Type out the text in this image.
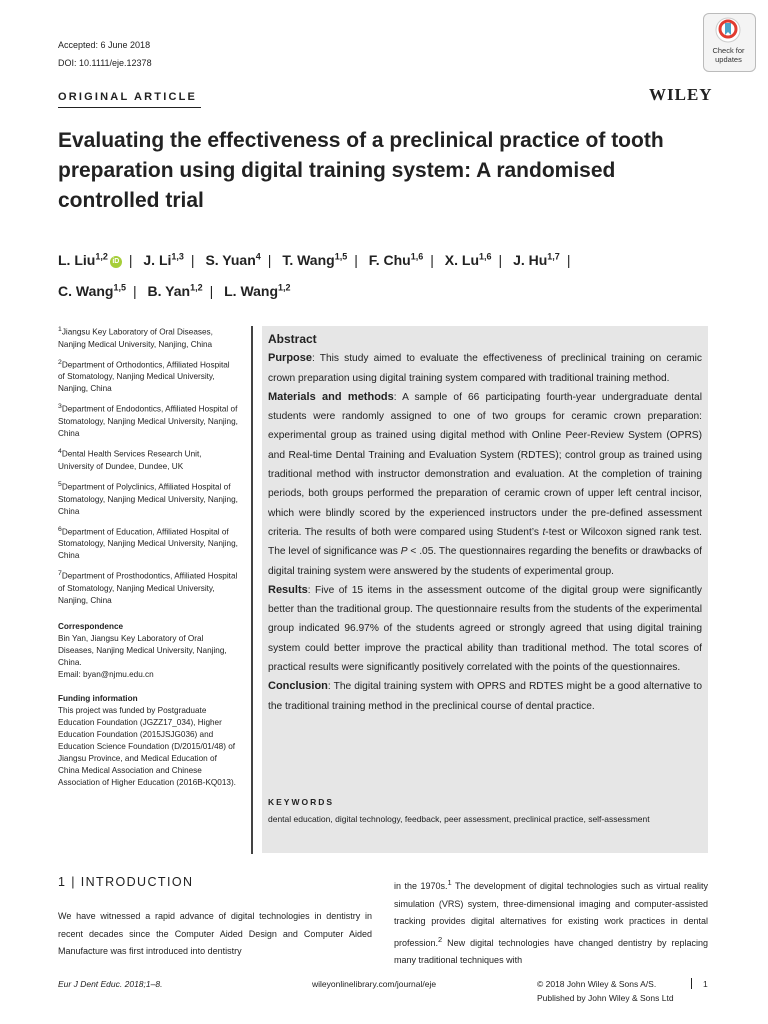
Accepted: 6 June 2018
DOI: 10.1111/eje.12378
ORIGINAL ARTICLE	WILEY
Check for updates
Evaluating the effectiveness of a preclinical practice of tooth preparation using digital training system: A randomised controlled trial
L. Liu$^{1,2}$iD | J. Li$^{1,3}$ | S. Yuan$^4$ | T. Wang$^{1,5}$ | F. Chu$^{1,6}$ | X. Lu$^{1,6}$ | J. Hu$^{1,7}$ |
C. Wang$^{1,5}$ | B. Yan$^{1,2}$ | L. Wang$^{1,2}$

$^1$Jiangsu Key Laboratory of Oral Diseases, Nanjing Medical University, Nanjing, China

$^2$Department of Orthodontics, Affiliated Hospital of Stomatology, Nanjing Medical University, Nanjing, China

$^3$Department of Endodontics, Affiliated Hospital of Stomatology, Nanjing Medical University, Nanjing, China

$^4$Dental Health Services Research Unit, University of Dundee, Dundee, UK

$^5$Department of Polyclinics, Affiliated Hospital of Stomatology, Nanjing Medical University, Nanjing, China

$^6$Department of Education, Affiliated Hospital of Stomatology, Nanjing Medical University, Nanjing, China

$^7$Department of Prosthodontics, Affiliated Hospital of Stomatology, Nanjing Medical University, Nanjing, China

Correspondence

Bin Yan, Jiangsu Key Laboratory of Oral Diseases, Nanjing Medical University, Nanjing, China.

Email: byan@njmu.edu.cn

Funding information

This project was funded by Postgraduate Education Foundation (JGZZ17_034), Higher Education Foundation (2015JSJG036) and Education Science Foundation (D/2015/01/48) of Jiangsu Province, and Medical Education of China Medical Association and Chinese Association of Higher Education (2016B-KQ013).

Abstract

Purpose: This study aimed to evaluate the effectiveness of preclinical training on ceramic crown preparation using digital training system compared with traditional training method.

Materials and methods: A sample of 66 participating fourth-year undergraduate dental students were randomly assigned to one of two groups for ceramic crown preparation: experimental group as trained using digital method with Online Peer-Review System (OPRS) and Real-time Dental Training and Evaluation System (RDTES); control group as trained using traditional method with instructor demonstration and evaluation. At the completion of training periods, both groups performed the preparation of ceramic crown of upper left central incisor, which were blindly scored by the experienced instructors under the pre-defined assessment criteria. The results of both were compared using Student’s t-test or Wilcoxon signed rank test. The level of significance was P < .05. The questionnaires regarding the benefits or drawbacks of digital training system were answered by the students of experimental group.

Results: Five of 15 items in the assessment outcome of the digital group were significantly better than the traditional group. The questionnaire results from the students of the experimental group indicated 96.97% of the students agreed or strongly agreed that using digital training system could better improve the practical ability than traditional method. The total scores of practical results were significantly positively correlated with the points of the questionnaires.

Conclusion: The digital training system with OPRS and RDTES might be a good alternative to the traditional training method in the preclinical course of dental practice.

KEYWORDS
dental education, digital technology, feedback, peer assessment, preclinical practice, self-assessment
1 | INTRODUCTION
We have witnessed a rapid advance of digital technologies in dentistry in recent decades since the Computer Aided Design and Computer Aided Manufacture was first introduced into dentistry
in the 1970s.$^1$ The development of digital technologies such as virtual reality simulation (VRS) system, three-dimensional imaging and computer-assisted tracking provides digital alternatives for existing work practices in dental profession.$^2$ New digital technologies have changed dentistry by replacing many traditional techniques with
Eur J Dent Educ. 2018;1–8.	wileyonlinelibrary.com/journal/eje	© 2018 John Wiley & Sons A/S.	1
Published by John Wiley & Sons Ltd
